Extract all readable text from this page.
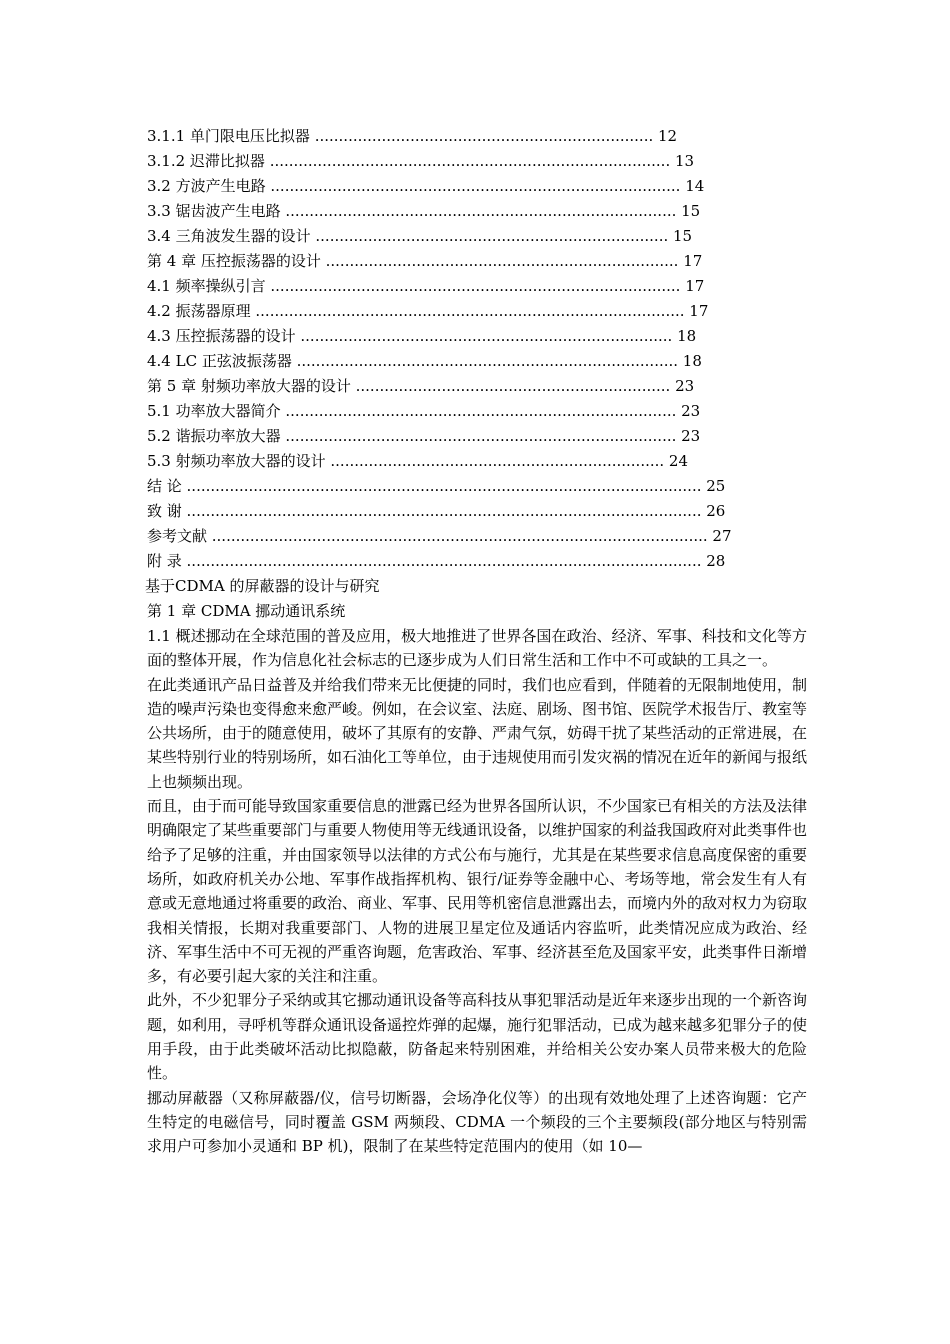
3.1.1 单门限电压比拟器 ....................................................................... 12
3.1.2 迟滞比拟器 .................................................................................... 13
3.2 方波产生电路 ...................................................................................... 14
3.3 锯齿波产生电路 .................................................................................. 15
3.4 三角波发生器的设计 .......................................................................... 15
第 4 章 压控振荡器的设计 .......................................................................... 17
4.1 频率操纵引言 ...................................................................................... 17
4.2 振荡器原理 .......................................................................................... 17
4.3 压控振荡器的设计 .............................................................................. 18
4.4 LC 正弦波振荡器 ................................................................................ 18
第 5 章 射频功率放大器的设计 .................................................................. 23
5.1 功率放大器简介 .................................................................................. 23
5.2 谐振功率放大器 .................................................................................. 23
5.3 射频功率放大器的设计 ...................................................................... 24
结 论 ............................................................................................................ 25
致 谢 ............................................................................................................ 26
参考文献 ........................................................................................................ 27
附 录 ............................................................................................................ 28
基于CDMA 的屏蔽器的设计与研究
第 1 章 CDMA 挪动通讯系统

1.1 概述挪动在全球范围的普及应用，极大地推进了世界各国在政治、经济、军事、科技和文化等方面的整体开展，作为信息化社会标志的已逐步成为人们日常生活和工作中不可或缺的工具之一。

在此类通讯产品日益普及并给我们带来无比便捷的同时，我们也应看到，伴随着的无限制地使用，制造的噪声污染也变得愈来愈严峻。例如，在会议室、法庭、剧场、图书馆、医院学术报告厅、教室等公共场所，由于的随意使用，破坏了其原有的安静、严肃气氛，妨碍干扰了某些活动的正常进展，在某些特别行业的特别场所，如石油化工等单位，由于违规使用而引发灾祸的情况在近年的新闻与报纸上也频频出现。

而且，由于而可能导致国家重要信息的泄露已经为世界各国所认识，不少国家已有相关的方法及法律明确限定了某些重要部门与重要人物使用等无线通讯设备，以维护国家的利益我国政府对此类事件也给予了足够的注重，并由国家领导以法律的方式公布与施行，尤其是在某些要求信息高度保密的重要场所，如政府机关办公地、军事作战指挥机构、银行/证券等金融中心、考场等地，常会发生有人有意或无意地通过将重要的政治、商业、军事、民用等机密信息泄露出去，而境内外的敌对权力为窃取我相关情报，长期对我重要部门、人物的进展卫星定位及通话内容监听，此类情况应成为政治、经济、军事生活中不可无视的严重咨询题，危害政治、军事、经济甚至危及国家平安，此类事件日渐增多，有必要引起大家的关注和注重。

此外，不少犯罪分子采纳或其它挪动通讯设备等高科技从事犯罪活动是近年来逐步出现的一个新咨询题，如利用，寻呼机等群众通讯设备遥控炸弹的起爆，施行犯罪活动，已成为越来越多犯罪分子的使用手段，由于此类破坏活动比拟隐蔽，防备起来特别困难，并给相关公安办案人员带来极大的危险性。

挪动屏蔽器（又称屏蔽器/仪，信号切断器，会场净化仪等）的出现有效地处理了上述咨询题：它产生特定的电磁信号，同时覆盖 GSM 两频段、CDMA 一个频段的三个主要频段(部分地区与特别需求用户可参加小灵通和 BP 机)，限制了在某些特定范围内的使用（如 10—
